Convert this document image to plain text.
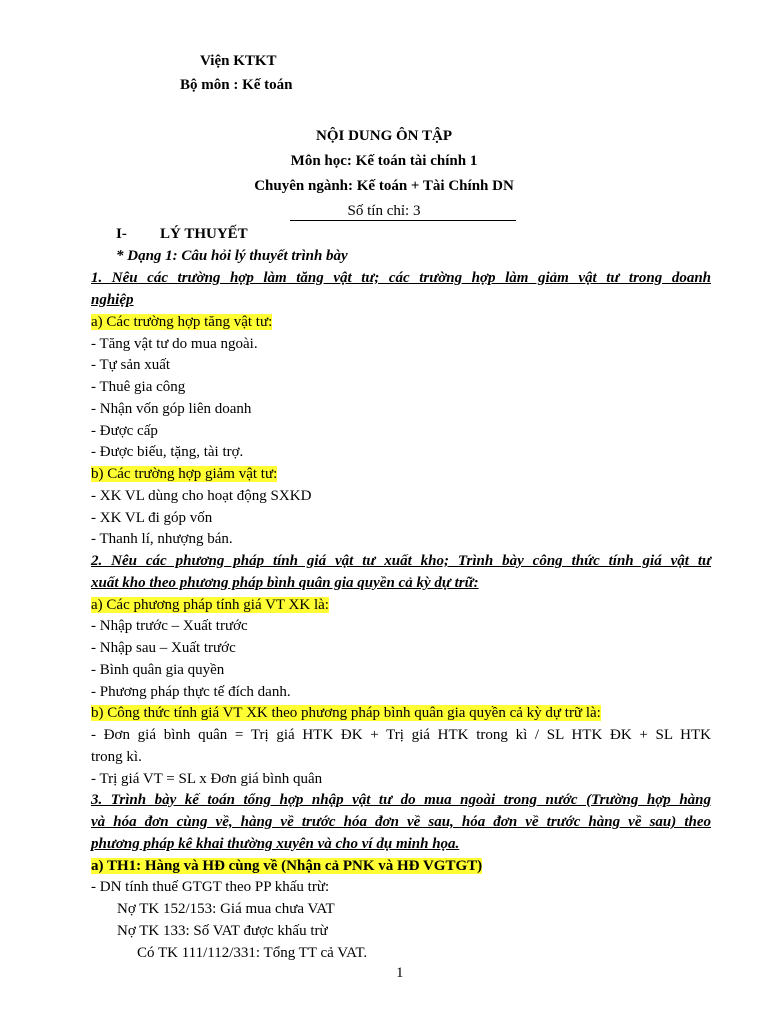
Viện KTKT
Bộ môn : Kế toán
NỘI DUNG ÔN TẬP
Môn học: Kế toán tài chính 1
Chuyên ngành: Kế toán + Tài Chính DN
Số tín chỉ: 3
I- LÝ THUYẾT
* Dạng 1: Câu hỏi lý thuyết trình bày
1. Nêu các trường hợp làm tăng vật tư; các trường hợp làm giảm vật tư trong doanh
nghiệp
a) Các trường hợp tăng vật tư:
- Tăng vật tư do mua ngoài.
- Tự sản xuất
- Thuê gia công
- Nhận vốn góp liên doanh
- Được cấp
- Được biếu, tặng, tài trợ.
b) Các trường hợp giảm vật tư:
- XK VL dùng cho hoạt động SXKD
- XK VL đi góp vốn
- Thanh lí, nhượng bán.
2. Nêu các phương pháp tính giá vật tư xuất kho; Trình bày công thức tính giá vật tư
xuất kho theo phương pháp bình quân gia quyền cả kỳ dự trữ:
a) Các phương pháp tính giá VT XK là:
- Nhập trước – Xuất trước
- Nhập sau – Xuất trước
- Bình quân gia quyền
- Phương pháp thực tế đích danh.
b) Công thức tính giá VT XK theo phương pháp bình quân gia quyền cả kỳ dự trữ là:
- Đơn giá bình quân = Trị giá HTK ĐK + Trị giá HTK trong kì / SL HTK ĐK + SL HTK
trong kì.
- Trị giá VT = SL x Đơn giá bình quân
3. Trình bày kế toán tổng hợp nhập vật tư do mua ngoài trong nước (Trường hợp hàng
và hóa đơn cùng về, hàng về trước hóa đơn về sau, hóa đơn về trước hàng về sau) theo
phương pháp kê khai thường xuyên và cho ví dụ minh họa.
a) TH1: Hàng và HĐ cùng về (Nhận cả PNK và HĐ VGTGT)
- DN tính thuế GTGT theo PP khấu trừ:
Nợ TK 152/153: Giá mua chưa VAT
Nợ TK 133: Số VAT được khấu trừ
Có TK 111/112/331: Tổng TT cả VAT.
1
